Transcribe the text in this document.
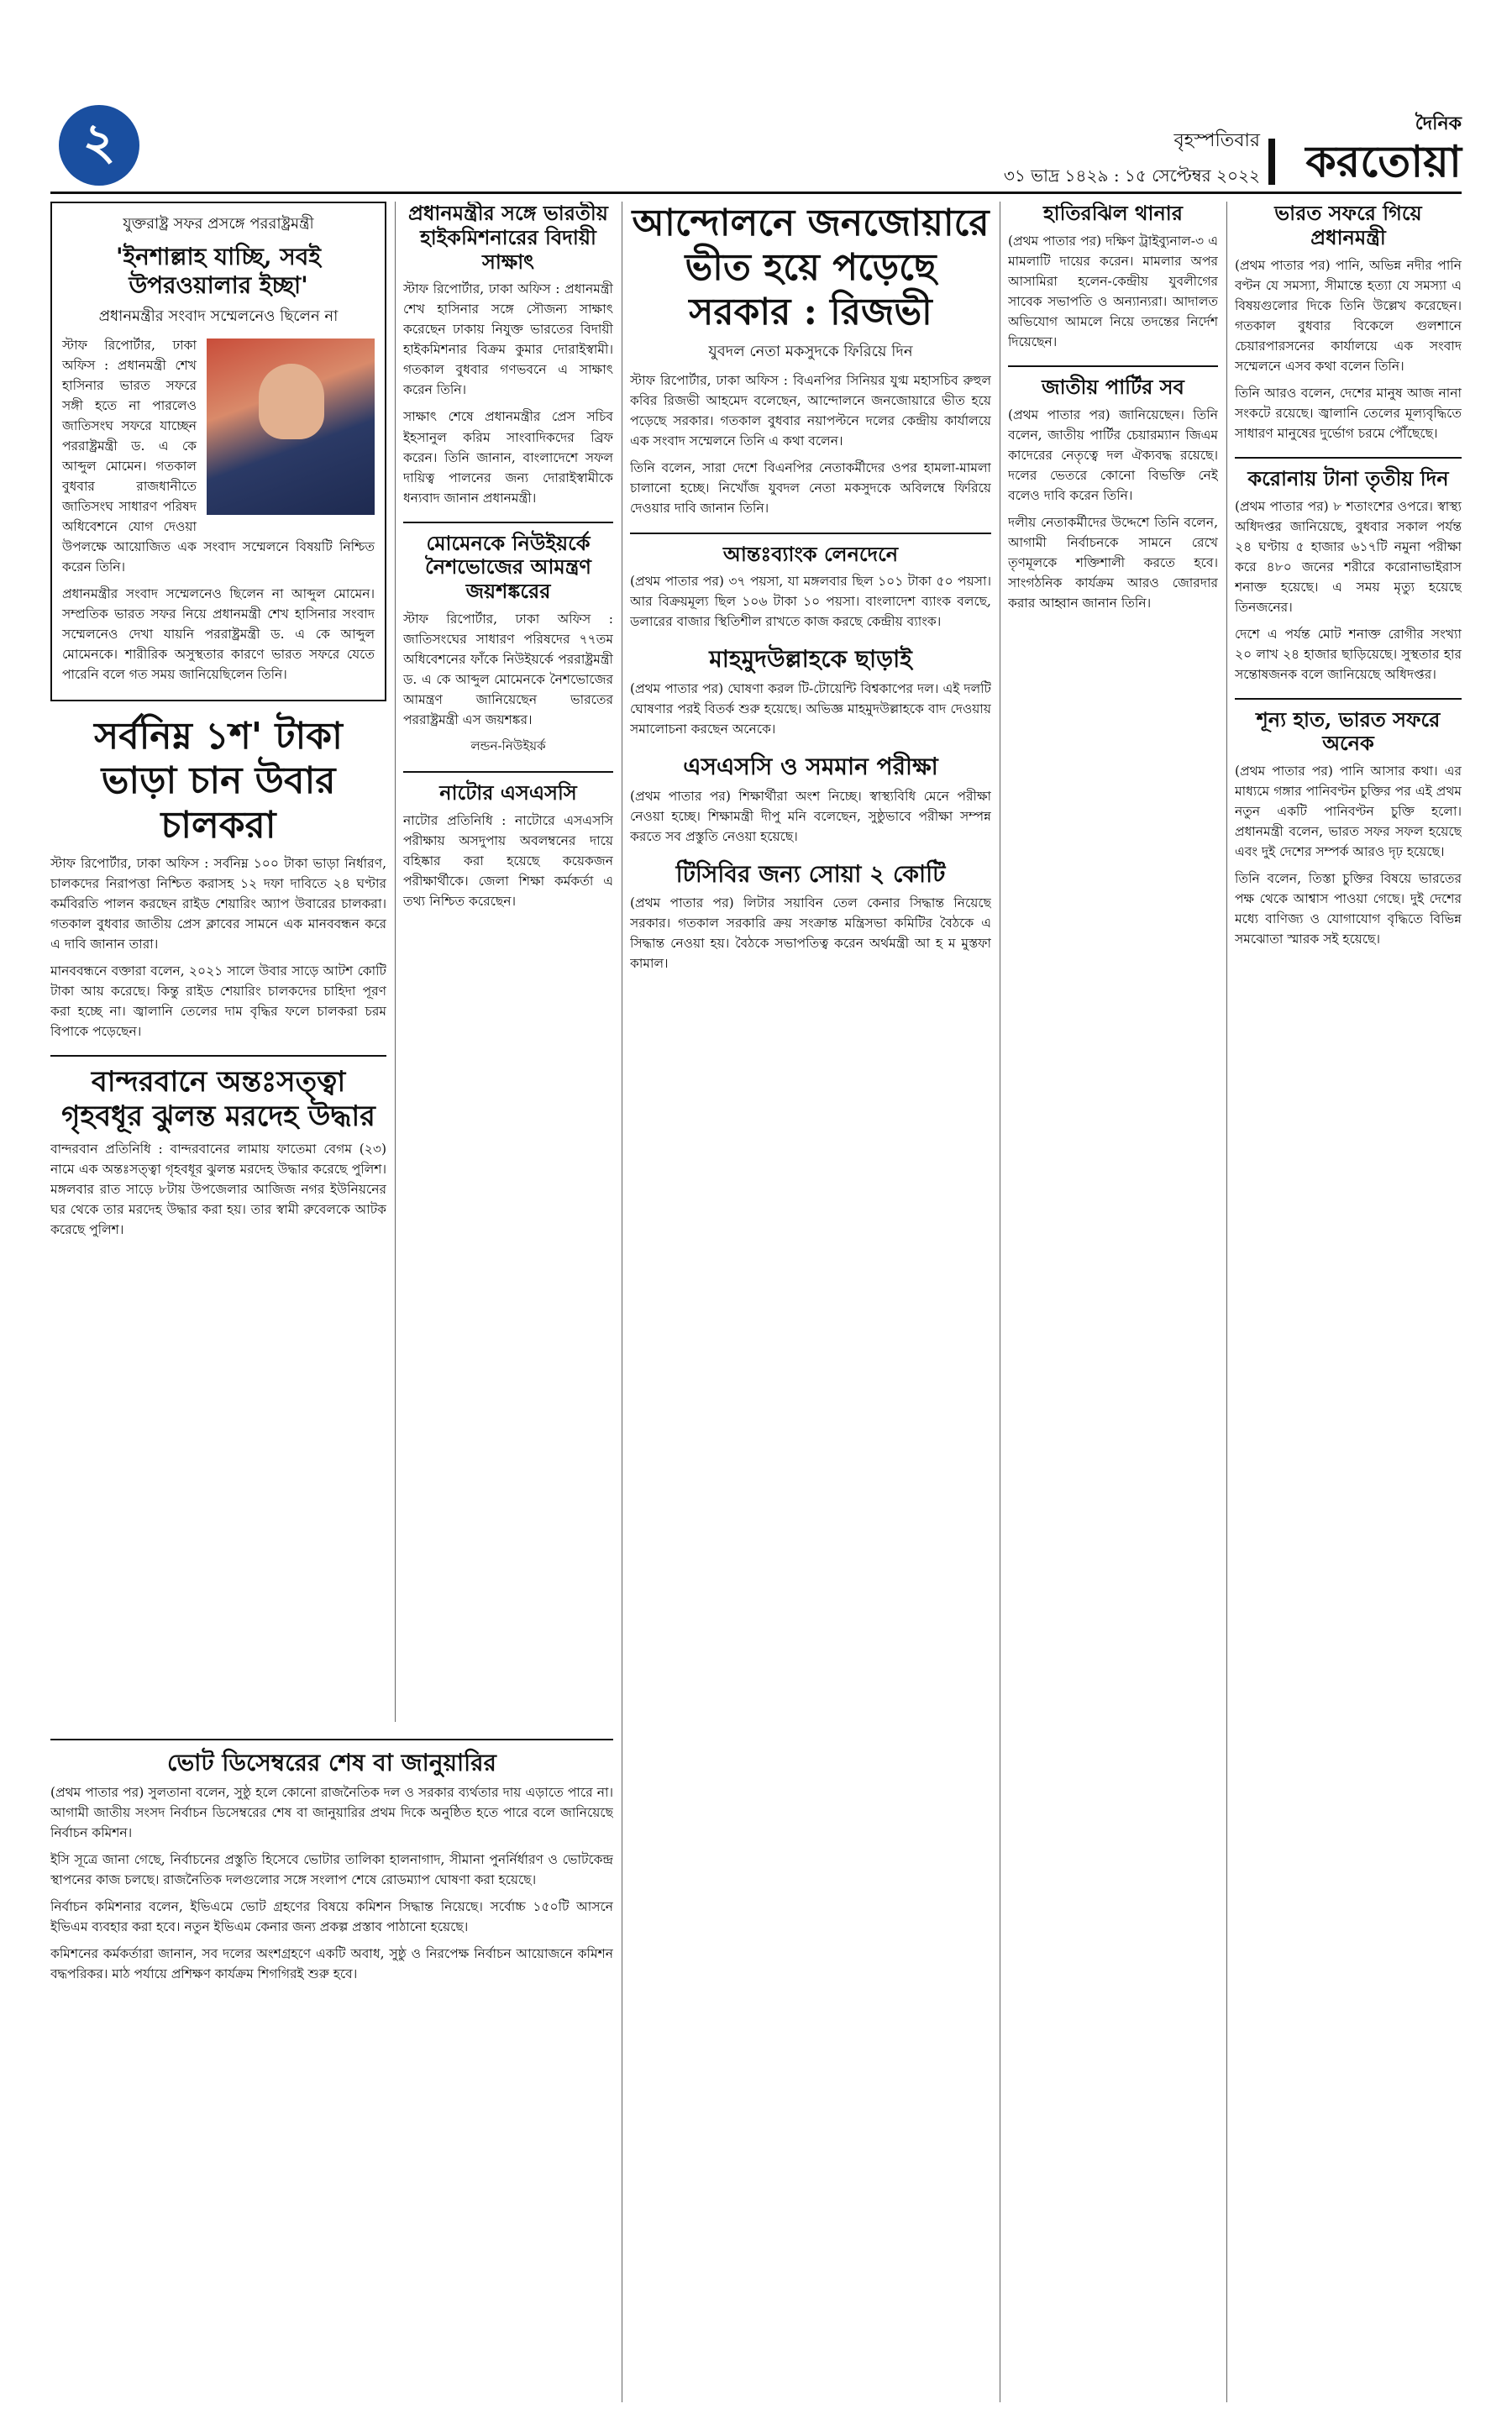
২	বৃহস্পতিবার
৩১ ভাদ্র ১৪২৯ : ১৫ সেপ্টেম্বর ২০২২
দৈনিক
করতোয়া
যুক্তরাষ্ট্র সফর প্রসঙ্গে পররাষ্ট্রমন্ত্রী
'ইনশাল্লাহ যাচ্ছি, সবই উপরওয়ালার ইচ্ছা'
প্রধানমন্ত্রীর সংবাদ সম্মেলনেও ছিলেন না

স্টাফ রিপোর্টার, ঢাকা অফিস : প্রধানমন্ত্রী শেখ হাসিনার ভারত সফরে সঙ্গী হতে না পারলেও জাতিসংঘ সফরে যাচ্ছেন পররাষ্ট্রমন্ত্রী ড. এ কে আব্দুল মোমেন। গতকাল বুধবার রাজধানীতে জাতিসংঘ সাধারণ পরিষদ অধিবেশনে যোগ দেওয়া উপলক্ষে আয়োজিত এক সংবাদ সম্মেলনে বিষয়টি নিশ্চিত করেন তিনি।

প্রধানমন্ত্রীর সংবাদ সম্মেলনেও ছিলেন না আব্দুল মোমেন। সম্প্রতিক ভারত সফর নিয়ে প্রধানমন্ত্রী শেখ হাসিনার সংবাদ সম্মেলনেও দেখা যায়নি পররাষ্ট্রমন্ত্রী ড. এ কে আব্দুল মোমেনকে। শারীরিক অসুস্থতার কারণে ভারত সফরে যেতে পারেনি বলে গত সময় জানিয়েছিলেন তিনি।

সর্বনিম্ন ১শ' টাকা ভাড়া চান উবার চালকরা

স্টাফ রিপোর্টার, ঢাকা অফিস : সর্বনিম্ন ১০০ টাকা ভাড়া নির্ধারণ, চালকদের নিরাপত্তা নিশ্চিত করাসহ ১২ দফা দাবিতে ২৪ ঘণ্টার কর্মবিরতি পালন করছেন রাইড শেয়ারিং অ্যাপ উবারের চালকরা। গতকাল বুধবার জাতীয় প্রেস ক্লাবের সামনে এক মানববন্ধন করে এ দাবি জানান তারা।

মানববন্ধনে বক্তারা বলেন, ২০২১ সালে উবার সাড়ে আটশ কোটি টাকা আয় করেছে। কিন্তু রাইড শেয়ারিং চালকদের চাহিদা পূরণ করা হচ্ছে না। জ্বালানি তেলের দাম বৃদ্ধির ফলে চালকরা চরম বিপাকে পড়েছেন।

বান্দরবানে অন্তঃসত্ত্বা গৃহবধূর ঝুলন্ত মরদেহ উদ্ধার

বান্দরবান প্রতিনিধি : বান্দরবানের লামায় ফাতেমা বেগম (২৩) নামে এক অন্তঃসত্ত্বা গৃহবধূর ঝুলন্ত মরদেহ উদ্ধার করেছে পুলিশ। মঙ্গলবার রাত সাড়ে ৮টায় উপজেলার আজিজ নগর ইউনিয়নের ঘর থেকে তার মরদেহ উদ্ধার করা হয়। তার স্বামী রুবেলকে আটক করেছে পুলিশ।

প্রধানমন্ত্রীর সঙ্গে ভারতীয় হাইকমিশনারের বিদায়ী সাক্ষাৎ

স্টাফ রিপোর্টার, ঢাকা অফিস : প্রধানমন্ত্রী শেখ হাসিনার সঙ্গে সৌজন্য সাক্ষাৎ করেছেন ঢাকায় নিযুক্ত ভারতের বিদায়ী হাইকমিশনার বিক্রম কুমার দোরাইস্বামী। গতকাল বুধবার গণভবনে এ সাক্ষাৎ করেন তিনি।

সাক্ষাৎ শেষে প্রধানমন্ত্রীর প্রেস সচিব ইহসানুল করিম সাংবাদিকদের ব্রিফ করেন। তিনি জানান, বাংলাদেশে সফল দায়িত্ব পালনের জন্য দোরাইস্বামীকে ধন্যবাদ জানান প্রধানমন্ত্রী।

মোমেনকে নিউইয়র্কে নৈশভোজের আমন্ত্রণ জয়শঙ্করের

স্টাফ রিপোর্টার, ঢাকা অফিস : জাতিসংঘের সাধারণ পরিষদের ৭৭তম অধিবেশনের ফাঁকে নিউইয়র্কে পররাষ্ট্রমন্ত্রী ড. এ কে আব্দুল মোমেনকে নৈশভোজের আমন্ত্রণ জানিয়েছেন ভারতের পররাষ্ট্রমন্ত্রী এস জয়শঙ্কর।

লন্ডন-নিউইয়র্ক
নাটোর এসএসসি

নাটোর প্রতিনিধি : নাটোরে এসএসসি পরীক্ষায় অসদুপায় অবলম্বনের দায়ে বহিষ্কার করা হয়েছে কয়েকজন পরীক্ষার্থীকে। জেলা শিক্ষা কর্মকর্তা এ তথ্য নিশ্চিত করেছেন।

আন্দোলনে জনজোয়ারে ভীত হয়ে পড়েছে সরকার : রিজভী
যুবদল নেতা মকসুদকে ফিরিয়ে দিন

স্টাফ রিপোর্টার, ঢাকা অফিস : বিএনপির সিনিয়র যুগ্ম মহাসচিব রুহুল কবির রিজভী আহমেদ বলেছেন, আন্দোলনে জনজোয়ারে ভীত হয়ে পড়েছে সরকার। গতকাল বুধবার নয়াপল্টনে দলের কেন্দ্রীয় কার্যালয়ে এক সংবাদ সম্মেলনে তিনি এ কথা বলেন।

তিনি বলেন, সারা দেশে বিএনপির নেতাকর্মীদের ওপর হামলা-মামলা চালানো হচ্ছে। নিখোঁজ যুবদল নেতা মকসুদকে অবিলম্বে ফিরিয়ে দেওয়ার দাবি জানান তিনি।

আন্তঃব্যাংক লেনদেনে

(প্রথম পাতার পর) ৩৭ পয়সা, যা মঙ্গলবার ছিল ১০১ টাকা ৫০ পয়সা। আর বিক্রয়মূল্য ছিল ১০৬ টাকা ১০ পয়সা। বাংলাদেশ ব্যাংক বলছে, ডলারের বাজার স্থিতিশীল রাখতে কাজ করছে কেন্দ্রীয় ব্যাংক।

মাহমুদউল্লাহকে ছাড়াই

(প্রথম পাতার পর) ঘোষণা করল টি-টোয়েন্টি বিশ্বকাপের দল। এই দলটি ঘোষণার পরই বিতর্ক শুরু হয়েছে। অভিজ্ঞ মাহমুদউল্লাহকে বাদ দেওয়ায় সমালোচনা করছেন অনেকে।

এসএসসি ও সমমান পরীক্ষা

(প্রথম পাতার পর) শিক্ষার্থীরা অংশ নিচ্ছে। স্বাস্থ্যবিধি মেনে পরীক্ষা নেওয়া হচ্ছে। শিক্ষামন্ত্রী দীপু মনি বলেছেন, সুষ্ঠুভাবে পরীক্ষা সম্পন্ন করতে সব প্রস্তুতি নেওয়া হয়েছে।

টিসিবির জন্য সোয়া ২ কোটি

(প্রথম পাতার পর) লিটার সয়াবিন তেল কেনার সিদ্ধান্ত নিয়েছে সরকার। গতকাল সরকারি ক্রয় সংক্রান্ত মন্ত্রিসভা কমিটির বৈঠকে এ সিদ্ধান্ত নেওয়া হয়। বৈঠকে সভাপতিত্ব করেন অর্থমন্ত্রী আ হ ম মুস্তফা কামাল।

হাতিরঝিল থানার

(প্রথম পাতার পর) দক্ষিণ ট্রাইব্যুনাল-৩ এ মামলাটি দায়ের করেন। মামলার অপর আসামিরা হলেন-কেন্দ্রীয় যুবলীগের সাবেক সভাপতি ও অন্যান্যরা। আদালত অভিযোগ আমলে নিয়ে তদন্তের নির্দেশ দিয়েছেন।

জাতীয় পার্টির সব

(প্রথম পাতার পর) জানিয়েছেন। তিনি বলেন, জাতীয় পার্টির চেয়ারম্যান জিএম কাদেরের নেতৃত্বে দল ঐক্যবদ্ধ রয়েছে। দলের ভেতরে কোনো বিভক্তি নেই বলেও দাবি করেন তিনি।

দলীয় নেতাকর্মীদের উদ্দেশে তিনি বলেন, আগামী নির্বাচনকে সামনে রেখে তৃণমূলকে শক্তিশালী করতে হবে। সাংগঠনিক কার্যক্রম আরও জোরদার করার আহ্বান জানান তিনি।

ভারত সফরে গিয়ে প্রধানমন্ত্রী

(প্রথম পাতার পর) পানি, অভিন্ন নদীর পানি বণ্টন যে সমস্যা, সীমান্তে হত্যা যে সমস্যা এ বিষয়গুলোর দিকে তিনি উল্লেখ করেছেন। গতকাল বুধবার বিকেলে গুলশানে চেয়ারপারসনের কার্যালয়ে এক সংবাদ সম্মেলনে এসব কথা বলেন তিনি।

তিনি আরও বলেন, দেশের মানুষ আজ নানা সংকটে রয়েছে। জ্বালানি তেলের মূল্যবৃদ্ধিতে সাধারণ মানুষের দুর্ভোগ চরমে পৌঁছেছে।

করোনায় টানা তৃতীয় দিন

(প্রথম পাতার পর) ৮ শতাংশের ওপরে। স্বাস্থ্য অধিদপ্তর জানিয়েছে, বুধবার সকাল পর্যন্ত ২৪ ঘণ্টায় ৫ হাজার ৬১৭টি নমুনা পরীক্ষা করে ৪৮০ জনের শরীরে করোনাভাইরাস শনাক্ত হয়েছে। এ সময় মৃত্যু হয়েছে তিনজনের।

দেশে এ পর্যন্ত মোট শনাক্ত রোগীর সংখ্যা ২০ লাখ ২৪ হাজার ছাড়িয়েছে। সুস্থতার হার সন্তোষজনক বলে জানিয়েছে অধিদপ্তর।

শূন্য হাত, ভারত সফরে অনেক

(প্রথম পাতার পর) পানি আসার কথা। এর মাধ্যমে গঙ্গার পানিবণ্টন চুক্তির পর এই প্রথম নতুন একটি পানিবণ্টন চুক্তি হলো। প্রধানমন্ত্রী বলেন, ভারত সফর সফল হয়েছে এবং দুই দেশের সম্পর্ক আরও দৃঢ় হয়েছে।

তিনি বলেন, তিস্তা চুক্তির বিষয়ে ভারতের পক্ষ থেকে আশ্বাস পাওয়া গেছে। দুই দেশের মধ্যে বাণিজ্য ও যোগাযোগ বৃদ্ধিতে বিভিন্ন সমঝোতা স্মারক সই হয়েছে।

ভোট ডিসেম্বরের শেষ বা জানুয়ারির

(প্রথম পাতার পর) সুলতানা বলেন, সুষ্ঠু হলে কোনো রাজনৈতিক দল ও সরকার ব্যর্থতার দায় এড়াতে পারে না। আগামী জাতীয় সংসদ নির্বাচন ডিসেম্বরের শেষ বা জানুয়ারির প্রথম দিকে অনুষ্ঠিত হতে পারে বলে জানিয়েছে নির্বাচন কমিশন।

ইসি সূত্রে জানা গেছে, নির্বাচনের প্রস্তুতি হিসেবে ভোটার তালিকা হালনাগাদ, সীমানা পুনর্নির্ধারণ ও ভোটকেন্দ্র স্থাপনের কাজ চলছে। রাজনৈতিক দলগুলোর সঙ্গে সংলাপ শেষে রোডম্যাপ ঘোষণা করা হয়েছে।

নির্বাচন কমিশনার বলেন, ইভিএমে ভোট গ্রহণের বিষয়ে কমিশন সিদ্ধান্ত নিয়েছে। সর্বোচ্চ ১৫০টি আসনে ইভিএম ব্যবহার করা হবে। নতুন ইভিএম কেনার জন্য প্রকল্প প্রস্তাব পাঠানো হয়েছে।

কমিশনের কর্মকর্তারা জানান, সব দলের অংশগ্রহণে একটি অবাধ, সুষ্ঠু ও নিরপেক্ষ নির্বাচন আয়োজনে কমিশন বদ্ধপরিকর। মাঠ পর্যায়ে প্রশিক্ষণ কার্যক্রম শিগগিরই শুরু হবে।
